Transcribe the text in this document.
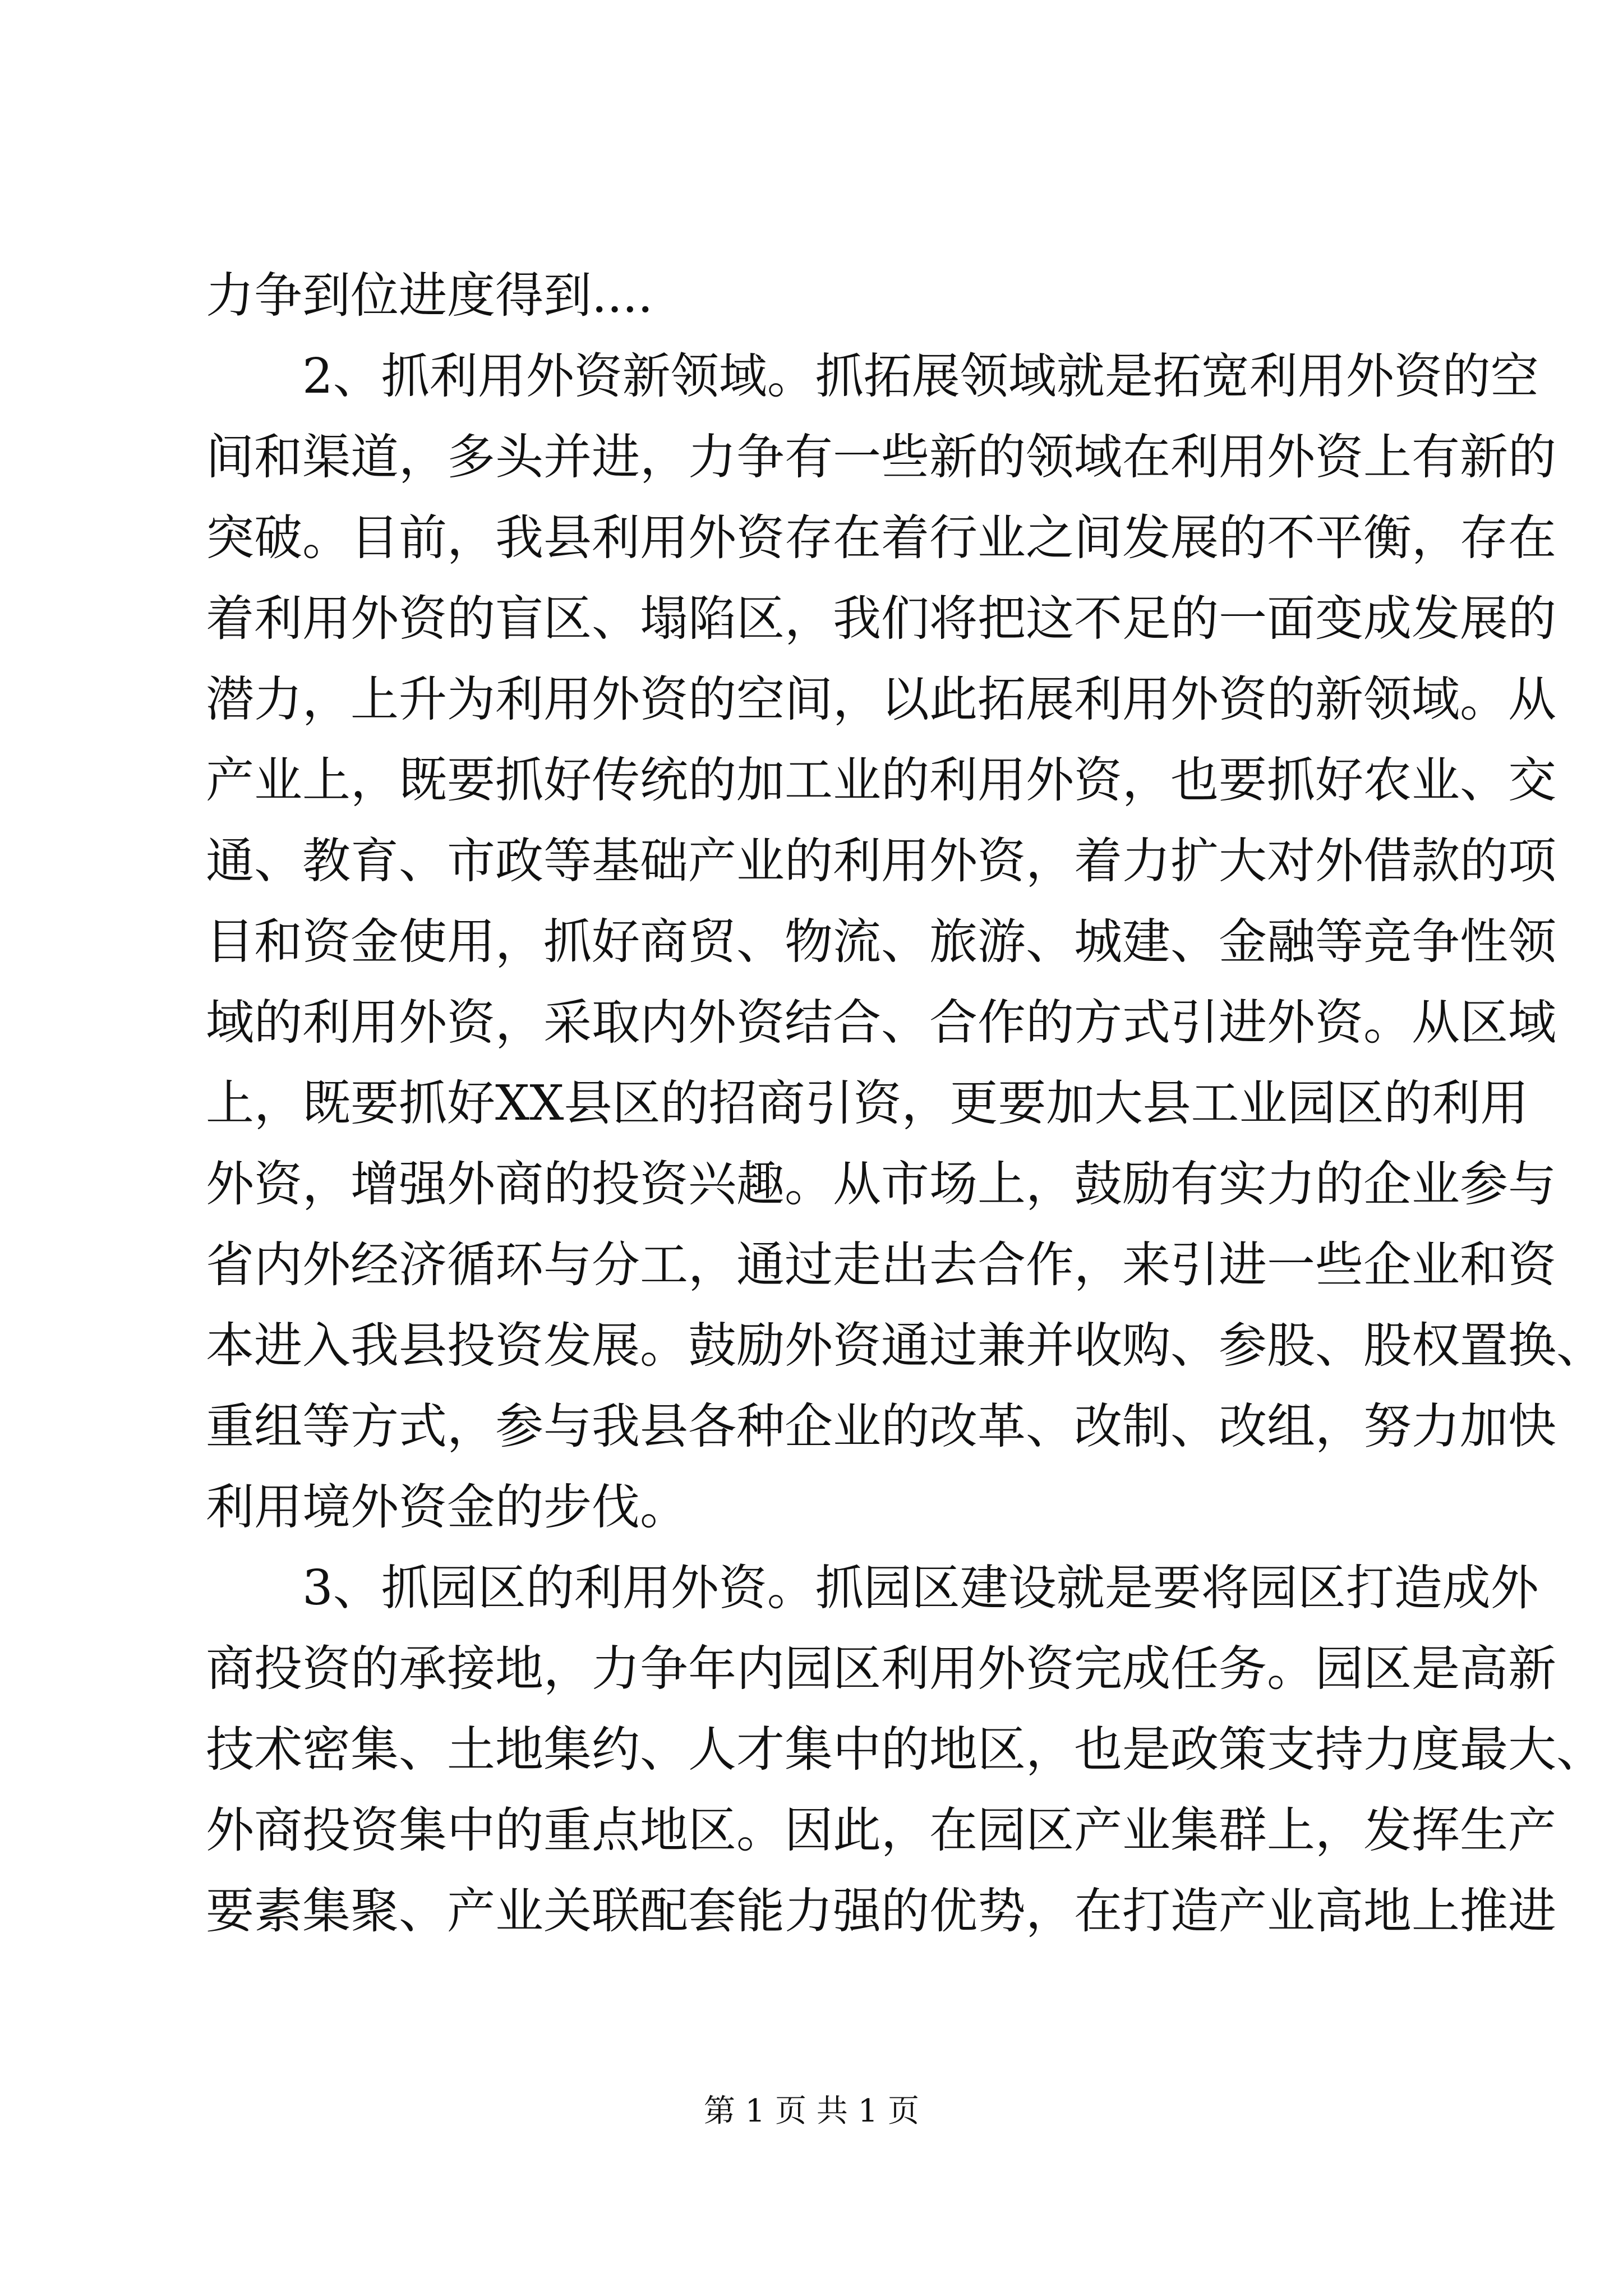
力争到位进度得到....
2、抓利用外资新领域。抓拓展领域就是拓宽利用外资的空
间和渠道，多头并进，力争有一些新的领域在利用外资上有新的
突破。目前，我县利用外资存在着行业之间发展的不平衡，存在
着利用外资的盲区、塌陷区，我们将把这不足的一面变成发展的
潜力，上升为利用外资的空间，以此拓展利用外资的新领域。从
产业上，既要抓好传统的加工业的利用外资，也要抓好农业、交
通、教育、市政等基础产业的利用外资，着力扩大对外借款的项
目和资金使用，抓好商贸、物流、旅游、城建、金融等竞争性领
域的利用外资，采取内外资结合、合作的方式引进外资。从区域
上，既要抓好XX县区的招商引资，更要加大县工业园区的利用
外资，增强外商的投资兴趣。从市场上，鼓励有实力的企业参与
省内外经济循环与分工，通过走出去合作，来引进一些企业和资
本进入我县投资发展。鼓励外资通过兼并收购、参股、股权置换、
重组等方式，参与我县各种企业的改革、改制、改组，努力加快
利用境外资金的步伐。
3、抓园区的利用外资。抓园区建设就是要将园区打造成外
商投资的承接地，力争年内园区利用外资完成任务。园区是高新
技术密集、土地集约、人才集中的地区，也是政策支持力度最大、
外商投资集中的重点地区。因此，在园区产业集群上，发挥生产
要素集聚、产业关联配套能力强的优势，在打造产业高地上推进
第 1 页 共 1 页
